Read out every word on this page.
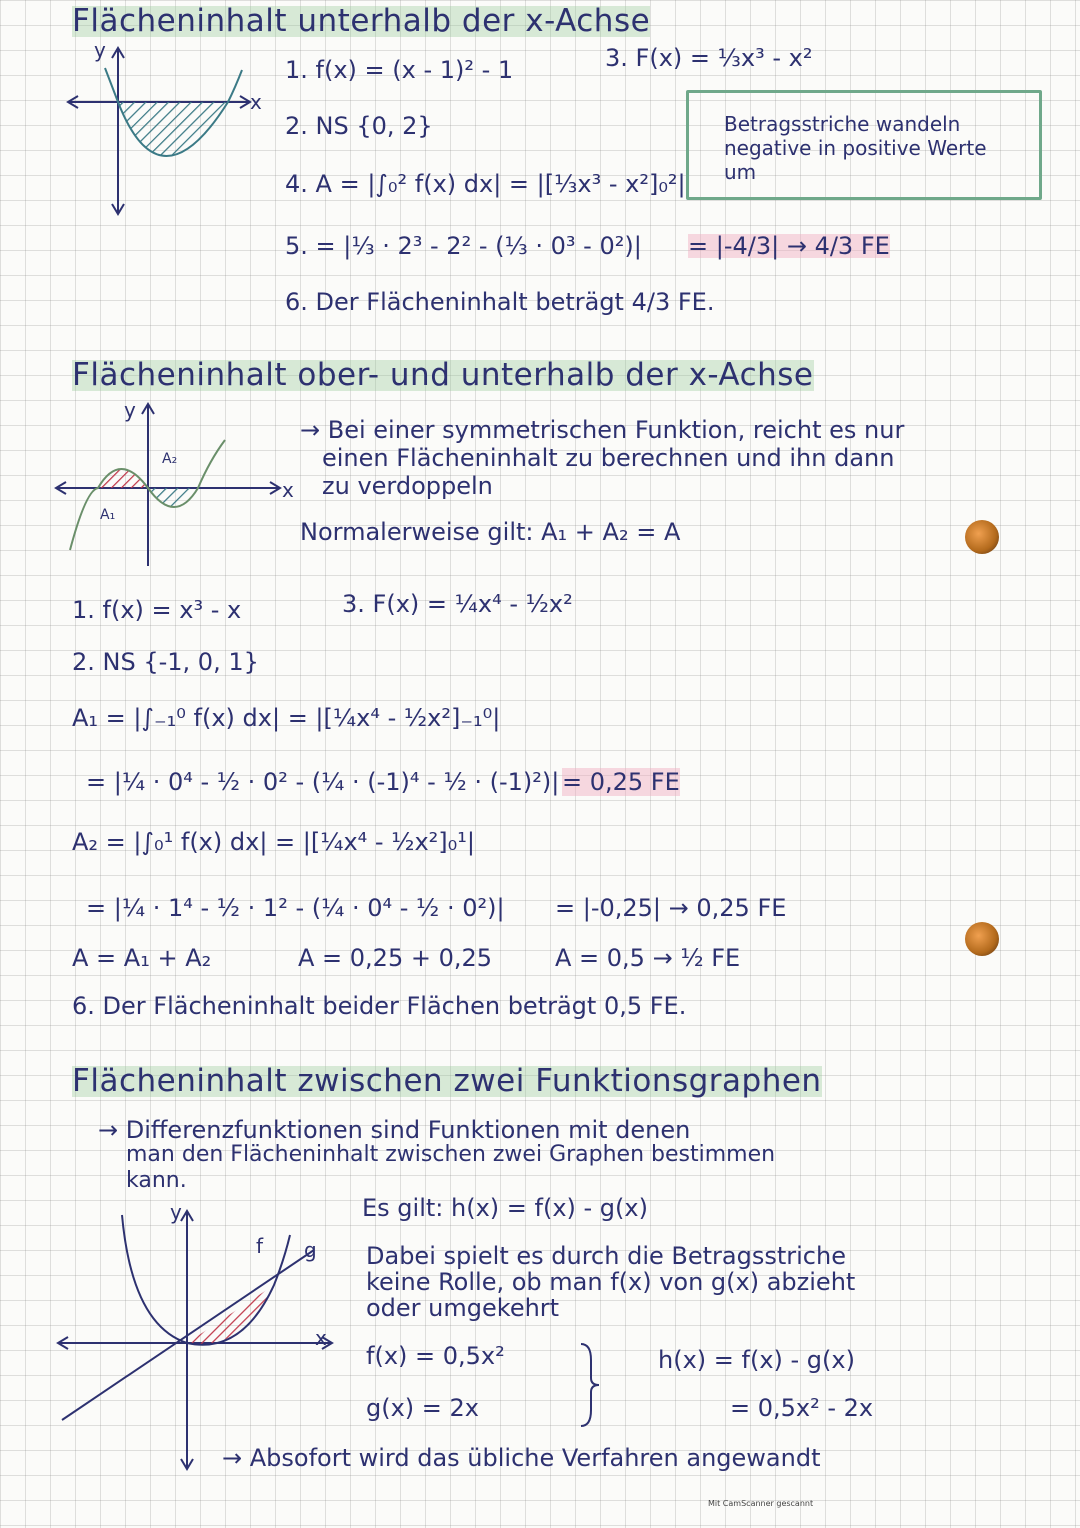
Flächeninhalt unterhalb der x-Achse
y
x
1. f(x) = (x - 1)² - 1	3. F(x) = ⅓x³ - x²
2. NS {0, 2}
4. A = |∫₀² f(x) dx| = |[⅓x³ - x²]₀²|
Betragsstriche wandeln
negative in positive Werte
um
5. = |⅓ · 2³ - 2² - (⅓ · 0³ - 0²)| = |-4/3| → 4/3 FE
6. Der Flächeninhalt beträgt 4/3 FE.
Flächeninhalt ober- und unterhalb der x-Achse
y
x
A₁
A₂
→ Bei einer symmetrischen Funktion, reicht es nur
einen Flächeninhalt zu berechnen und ihn dann
zu verdoppeln
Normalerweise gilt: A₁ + A₂ = A
1. f(x) = x³ - x	3. F(x) = ¼x⁴ - ½x²
2. NS {-1, 0, 1}
A₁ = |∫₋₁⁰ f(x) dx| = |[¼x⁴ - ½x²]₋₁⁰|
= |¼ · 0⁴ - ½ · 0² - (¼ · (-1)⁴ - ½ · (-1)²)| = 0,25 FE
A₂ = |∫₀¹ f(x) dx| = |[¼x⁴ - ½x²]₀¹|
= |¼ · 1⁴ - ½ · 1² - (¼ · 0⁴ - ½ · 0²)| = |-0,25| → 0,25 FE
A = A₁ + A₂	A = 0,25 + 0,25	A = 0,5 → ½ FE
6. Der Flächeninhalt beider Flächen beträgt 0,5 FE.
Flächeninhalt zwischen zwei Funktionsgraphen
→ Differenzfunktionen sind Funktionen mit denen
man den Flächeninhalt zwischen zwei Graphen bestimmen
kann.
Es gilt: h(x) = f(x) - g(x)
Dabei spielt es durch die Betragsstriche
keine Rolle, ob man f(x) von g(x) abzieht
oder umgekehrt
y
x
f g
f(x) = 0,5x²
g(x) = 2x
h(x) = f(x) - g(x)
= 0,5x² - 2x
→ Absofort wird das übliche Verfahren angewandt
Mit CamScanner gescannt
